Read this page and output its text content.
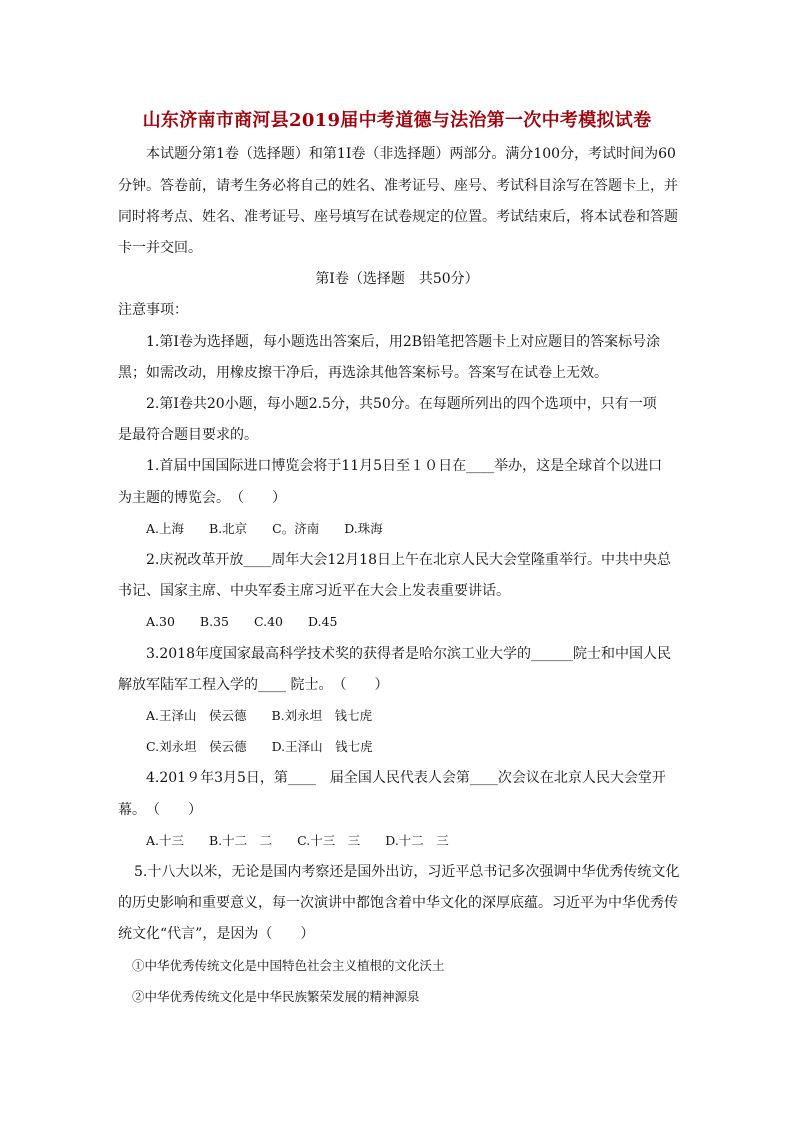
山东济南市商河县2019届中考道德与法治第一次中考模拟试卷
本试题分第1卷（选择题）和第1I卷（非选择题）两部分。满分100分，考试时间为60
分钟。答卷前，请考生务必将自己的姓名、准考证号、座号、考试科目涂写在答题卡上，并
同时将考点、姓名、准考证号、座号填写在试卷规定的位置。考试结束后，将本试卷和答题
卡一并交回。
第Ⅰ卷（选择题　共50分）
注意事项：
1.第Ⅰ卷为选择题，每小题选出答案后，用2B铅笔把答题卡上对应题目的答案标号涂
黑；如需改动，用橡皮擦干净后，再选涂其他答案标号。答案写在试卷上无效。
2.第Ⅰ卷共20小题，每小题2.5分，共50分。在每题所列出的四个选项中，只有一项
是最符合题目要求的。
1.首届中国国际进口博览会将于11月5日至１０日在____举办，这是全球首个以进口
为主题的博览会。　（　　）
A.上海　　B.北京　　C。济南　　D.珠海
2.庆祝改革开放____周年大会12月18日上午在北京人民大会堂隆重举行。中共中央总
书记、国家主席、中央军委主席习近平在大会上发表重要讲话。
A.30　　B.35　　C.40　　D.45
3.2018年度国家最高科学技术奖的获得者是哈尔滨工业大学的______院士和中国人民
解放军陆军工程入学的____ 院士。　（　　）
A.王泽山　侯云德　　B.刘永坦　钱七虎
C.刘永坦　侯云德　　D.王泽山　钱七虎
4.201９年3月5日，第____　届全国人民代表人会第____次会议在北京人民大会堂开
幕。　（　　）
A.十三　　B.十二　二　　C.十三　三　　D.十二　三
5.十八大以米，无论是国内考察还是国外出访，习近平总书记多次强调中华优秀传统文化
的历史影响和重要意义，每一次演讲中都饱含着中华文化的深厚底蕴。习近平为中华优秀传
统文化“代言”，是因为（　　）
①中华优秀传统文化是中国特色社会主义植根的文化沃土
②中华优秀传统文化是中华民族繁荣发展的精神源泉
